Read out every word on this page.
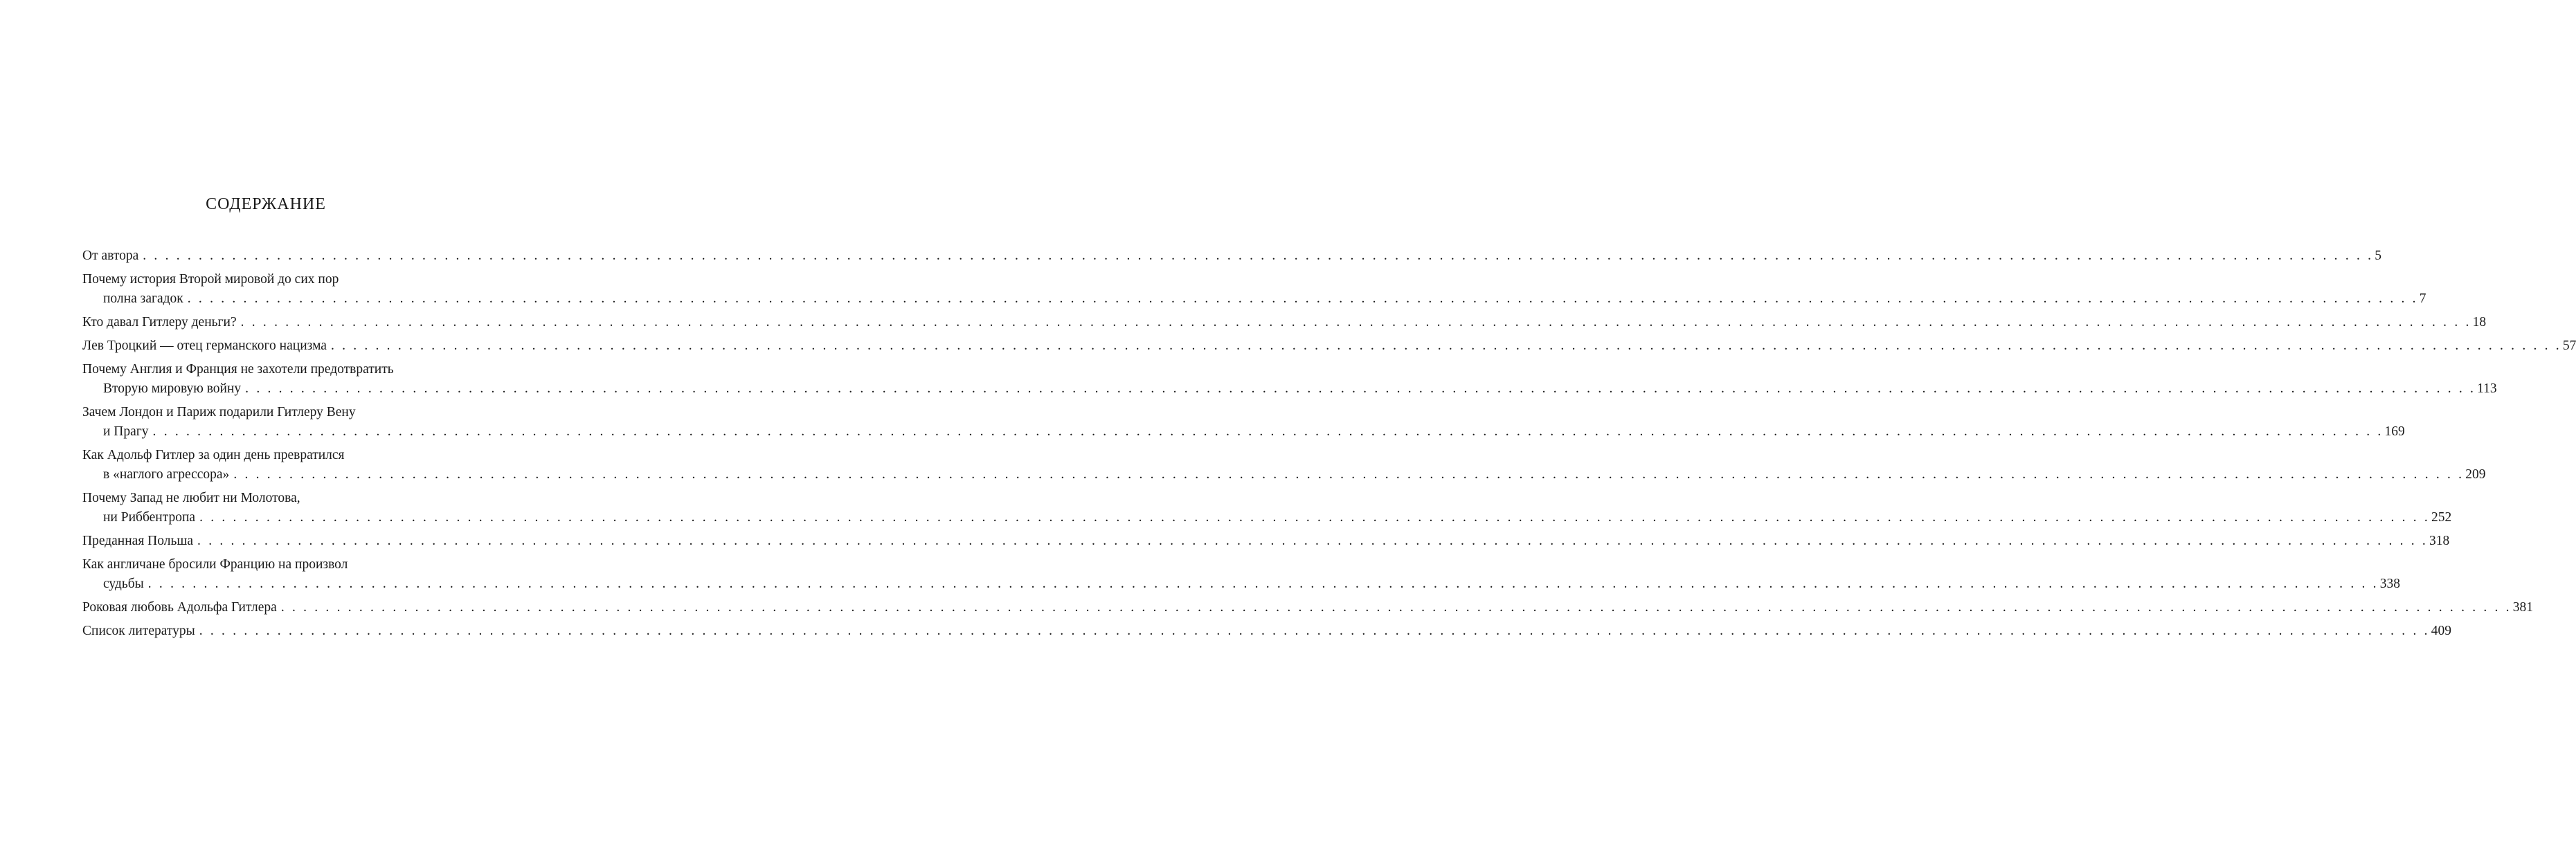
СОДЕРЖАНИЕ
От автора . . . . . . . . . . . . . . . . . . . . . . . . . . . . . . . . . . . . . . . . . . . . . . . . . . . . . . . . . . . . . . . . . . . . . . . . . . . . . . . . . . . . . . . . . . . . . . . . . . . . . . . . . . . . . . . . . . . . . . . . . . . . . . . . . . . . . . . . . . . . . . . . . . . . . . . . . . . . . . . . . . . . . . . . . . . . . . . . . . . . . . . . . . . . . . . . . . . . . . . . 5
Почему история Второй мировой до сих пор
полна загадок . . . . . . . . . . . . . . . . . . . . . . . . . . . . . . . . . . . . . . . . . . . . . . . . . . . . . . . . . . . . . . . . . . . . . . . . . . . . . . . . . . . . . . . . . . . . . . . . . . . . . . . . . . . . . . . . . . . . . . . . . . . . . . . . . . . . . . . . . . . . . . . . . . . . . . . . . . . . . . . . . . . . . . . . . . . . . . . . . . . . . . . . . . . . . . . . . . . . . . . . 7
Кто давал Гитлеру деньги? . . . . . . . . . . . . . . . . . . . . . . . . . . . . . . . . . . . . . . . . . . . . . . . . . . . . . . . . . . . . . . . . . . . . . . . . . . . . . . . . . . . . . . . . . . . . . . . . . . . . . . . . . . . . . . . . . . . . . . . . . . . . . . . . . . . . . . . . . . . . . . . . . . . . . . . . . . . . . . . . . . . . . . . . . . . . . . . . . . . . . . . . . . . . . . . . . . . . . . . . 18
Лев Троцкий — отец германского нацизма . . . . . . . . . . . . . . . . . . . . . . . . . . . . . . . . . . . . . . . . . . . . . . . . . . . . . . . . . . . . . . . . . . . . . . . . . . . . . . . . . . . . . . . . . . . . . . . . . . . . . . . . . . . . . . . . . . . . . . . . . . . . . . . . . . . . . . . . . . . . . . . . . . . . . . . . . . . . . . . . . . . . . . . . . . . . . . . . . . . . . . . . . . . . . . . . . . . . . . . . 57
Почему Англия и Франция не захотели предотвратить
Вторую мировую войну . . . . . . . . . . . . . . . . . . . . . . . . . . . . . . . . . . . . . . . . . . . . . . . . . . . . . . . . . . . . . . . . . . . . . . . . . . . . . . . . . . . . . . . . . . . . . . . . . . . . . . . . . . . . . . . . . . . . . . . . . . . . . . . . . . . . . . . . . . . . . . . . . . . . . . . . . . . . . . . . . . . . . . . . . . . . . . . . . . . . . . . . . . . . . . . . . . . . . . . . 113
Зачем Лондон и Париж подарили Гитлеру Вену
и Прагу . . . . . . . . . . . . . . . . . . . . . . . . . . . . . . . . . . . . . . . . . . . . . . . . . . . . . . . . . . . . . . . . . . . . . . . . . . . . . . . . . . . . . . . . . . . . . . . . . . . . . . . . . . . . . . . . . . . . . . . . . . . . . . . . . . . . . . . . . . . . . . . . . . . . . . . . . . . . . . . . . . . . . . . . . . . . . . . . . . . . . . . . . . . . . . . . . . . . . . . . 169
Как Адольф Гитлер за один день превратился
в «наглого агрессора» . . . . . . . . . . . . . . . . . . . . . . . . . . . . . . . . . . . . . . . . . . . . . . . . . . . . . . . . . . . . . . . . . . . . . . . . . . . . . . . . . . . . . . . . . . . . . . . . . . . . . . . . . . . . . . . . . . . . . . . . . . . . . . . . . . . . . . . . . . . . . . . . . . . . . . . . . . . . . . . . . . . . . . . . . . . . . . . . . . . . . . . . . . . . . . . . . . . . . . . . 209
Почему Запад не любит ни Молотова,
ни Риббентропа . . . . . . . . . . . . . . . . . . . . . . . . . . . . . . . . . . . . . . . . . . . . . . . . . . . . . . . . . . . . . . . . . . . . . . . . . . . . . . . . . . . . . . . . . . . . . . . . . . . . . . . . . . . . . . . . . . . . . . . . . . . . . . . . . . . . . . . . . . . . . . . . . . . . . . . . . . . . . . . . . . . . . . . . . . . . . . . . . . . . . . . . . . . . . . . . . . . . . . . . 252
Преданная Польша . . . . . . . . . . . . . . . . . . . . . . . . . . . . . . . . . . . . . . . . . . . . . . . . . . . . . . . . . . . . . . . . . . . . . . . . . . . . . . . . . . . . . . . . . . . . . . . . . . . . . . . . . . . . . . . . . . . . . . . . . . . . . . . . . . . . . . . . . . . . . . . . . . . . . . . . . . . . . . . . . . . . . . . . . . . . . . . . . . . . . . . . . . . . . . . . . . . . . . . . 318
Как англичане бросили Францию на произвол
судьбы . . . . . . . . . . . . . . . . . . . . . . . . . . . . . . . . . . . . . . . . . . . . . . . . . . . . . . . . . . . . . . . . . . . . . . . . . . . . . . . . . . . . . . . . . . . . . . . . . . . . . . . . . . . . . . . . . . . . . . . . . . . . . . . . . . . . . . . . . . . . . . . . . . . . . . . . . . . . . . . . . . . . . . . . . . . . . . . . . . . . . . . . . . . . . . . . . . . . . . . . 338
Роковая любовь Адольфа Гитлера . . . . . . . . . . . . . . . . . . . . . . . . . . . . . . . . . . . . . . . . . . . . . . . . . . . . . . . . . . . . . . . . . . . . . . . . . . . . . . . . . . . . . . . . . . . . . . . . . . . . . . . . . . . . . . . . . . . . . . . . . . . . . . . . . . . . . . . . . . . . . . . . . . . . . . . . . . . . . . . . . . . . . . . . . . . . . . . . . . . . . . . . . . . . . . . . . . . . . . . . 381
Список литературы . . . . . . . . . . . . . . . . . . . . . . . . . . . . . . . . . . . . . . . . . . . . . . . . . . . . . . . . . . . . . . . . . . . . . . . . . . . . . . . . . . . . . . . . . . . . . . . . . . . . . . . . . . . . . . . . . . . . . . . . . . . . . . . . . . . . . . . . . . . . . . . . . . . . . . . . . . . . . . . . . . . . . . . . . . . . . . . . . . . . . . . . . . . . . . . . . . . . . . . . 409
